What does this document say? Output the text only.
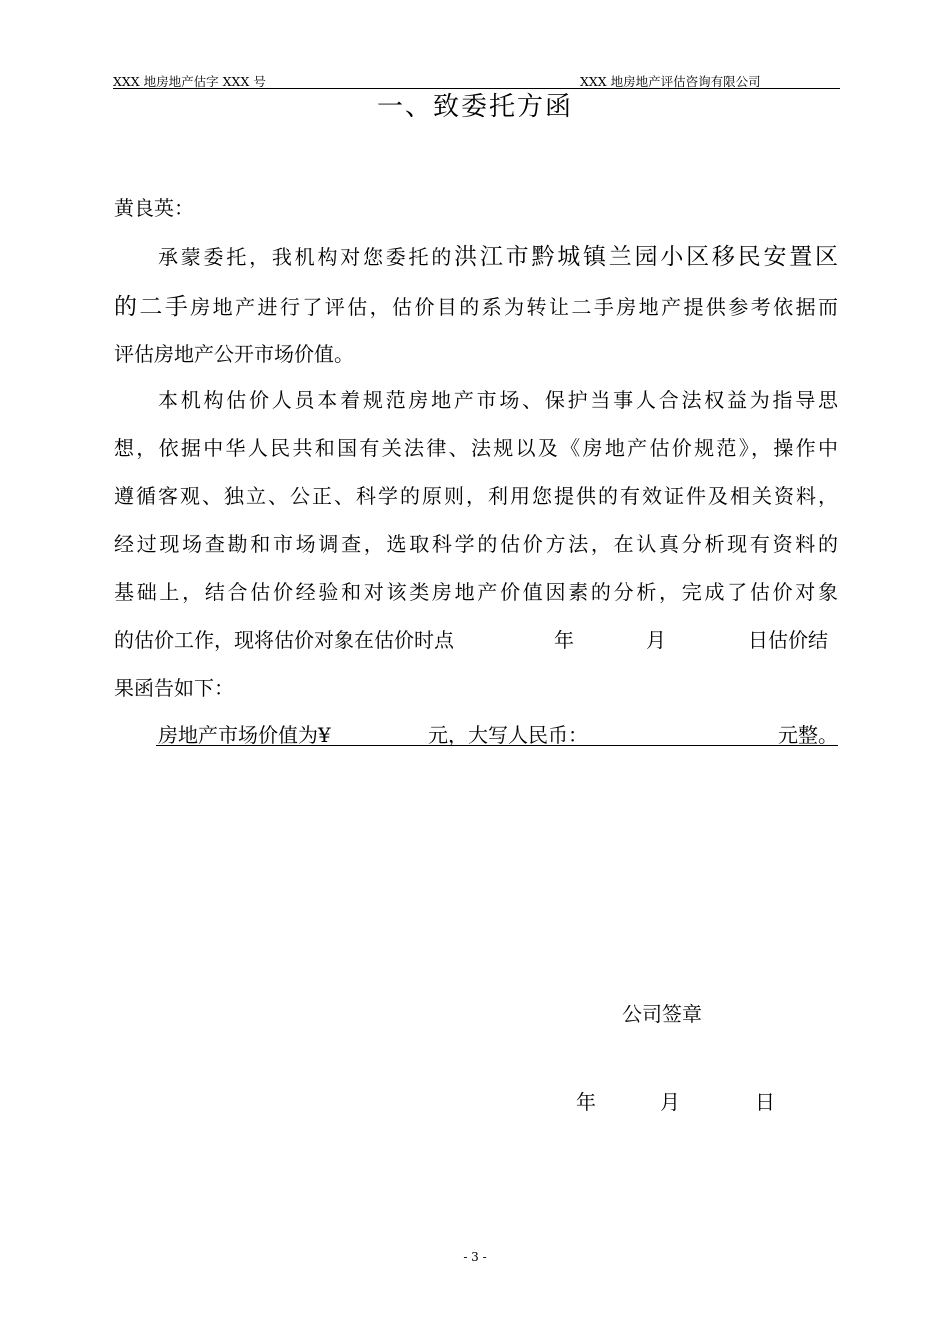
XXX 地房地产估字 XXX 号	XXX 地房地产评估咨询有限公司
一、致委托方函
黄良英：
承蒙委托，我机构对您委托的洪江市黔城镇兰园小区移民安置区
的二手房地产进行了评估，估价目的系为转让二手房地产提供参考依据而
评估房地产公开市场价值。
本机构估价人员本着规范房地产市场、保护当事人合法权益为指导思
想，依据中华人民共和国有关法律、法规以及《房地产估价规范》，操作中
遵循客观、独立、公正、科学的原则，利用您提供的有效证件及相关资料，
经过现场查勘和市场调查，选取科学的估价方法，在认真分析现有资料的
基础上，结合估价经验和对该类房地产价值因素的分析，完成了估价对象
的估价工作，现将估价对象在估价时点	年	月	日估价结
果函告如下：
房地产市场价值为¥	元，大写人民币：	元整。
公司签章
年	月	日
- 3 -
